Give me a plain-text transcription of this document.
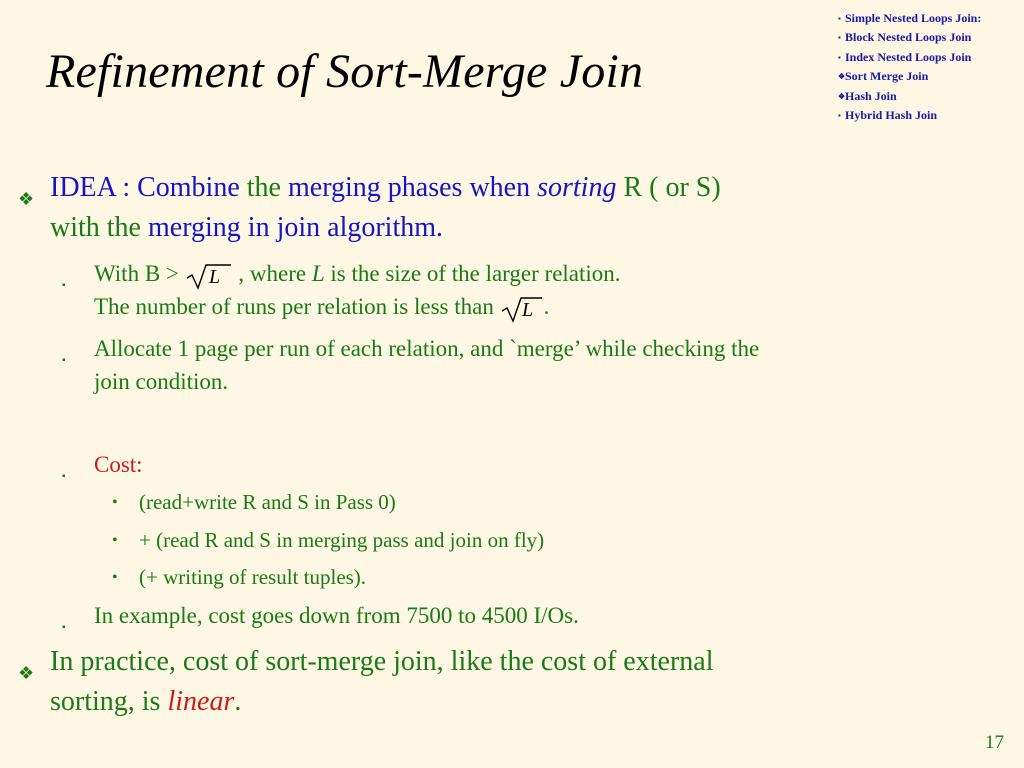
Refinement of Sort-Merge Join
▪ Simple Nested Loops Join:
▪ Block Nested Loops Join
▪ Index Nested Loops Join
❖Sort Merge Join
❖Hash Join
▪ Hybrid Hash Join
❖ IDEA : Combine the merging phases when sorting R ( or S)
with the merging in join algorithm.
▪ With B > L , where L is the size of the larger relation.
The number of runs per relation is less than L .
▪ Allocate 1 page per run of each relation, and `merge’ while checking the
join condition.
▪ Cost:
• (read+write R and S in Pass 0)
• + (read R and S in merging pass and join on fly)
• (+ writing of result tuples).
▪ In example, cost goes down from 7500 to 4500 I/Os.
❖ In practice, cost of sort-merge join, like the cost of external
sorting, is linear.
17
